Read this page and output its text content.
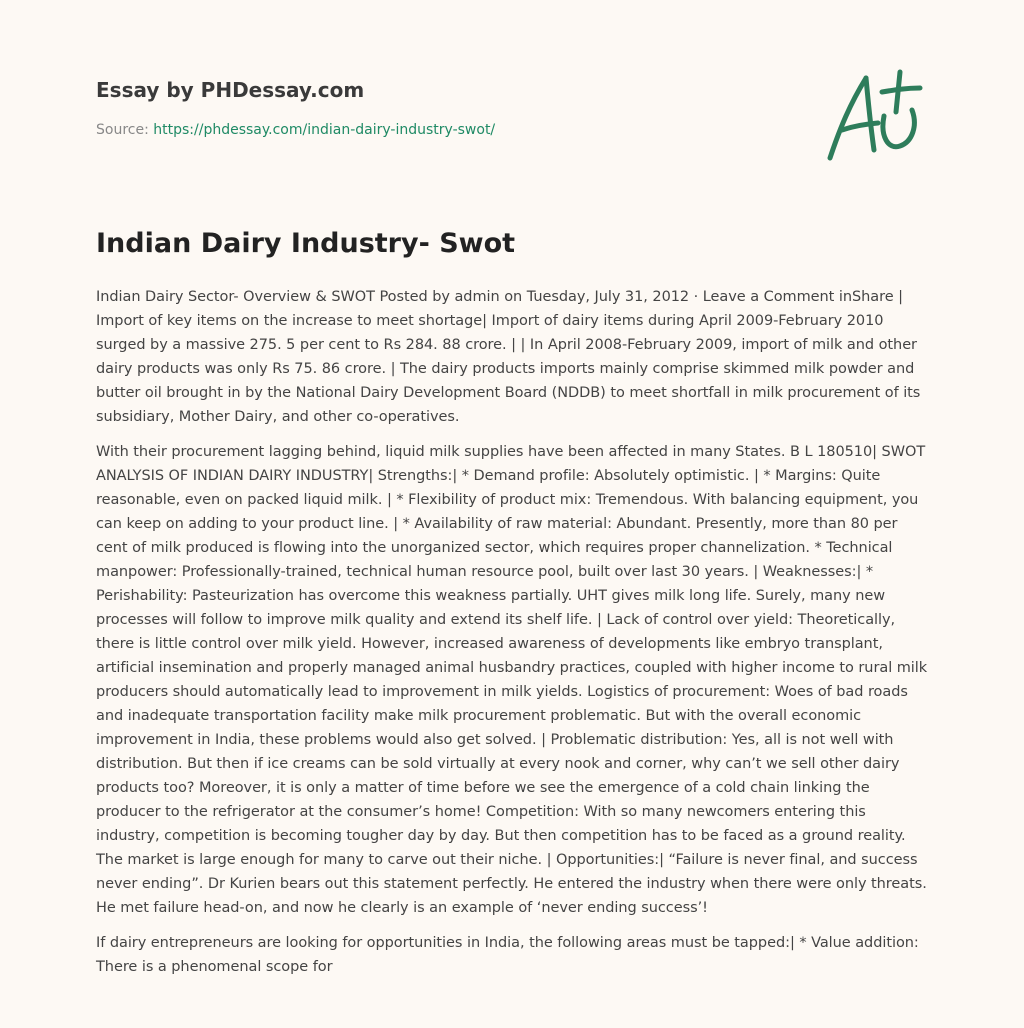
Essay by PHDessay.com
Source: https://phdessay.com/indian-dairy-industry-swot/
Indian Dairy Industry- Swot

Indian Dairy Sector- Overview & SWOT Posted by admin on Tuesday, July 31, 2012 · Leave a Comment inShare | Import of key items on the increase to meet shortage| Import of dairy items during April 2009-February 2010 surged by a massive 275. 5 per cent to Rs 284. 88 crore. | | In April 2008-February 2009, import of milk and other dairy products was only Rs 75. 86 crore. | The dairy products imports mainly comprise skimmed milk powder and butter oil brought in by the National Dairy Development Board (NDDB) to meet shortfall in milk procurement of its subsidiary, Mother Dairy, and other co-operatives.

With their procurement lagging behind, liquid milk supplies have been affected in many States. B L 180510| SWOT ANALYSIS OF INDIAN DAIRY INDUSTRY| Strengths:| * Demand profile: Absolutely optimistic. | * Margins: Quite reasonable, even on packed liquid milk. | * Flexibility of product mix: Tremendous. With balancing equipment, you can keep on adding to your product line. | * Availability of raw material: Abundant. Presently, more than 80 per cent of milk produced is flowing into the unorganized sector, which requires proper channelization. * Technical manpower: Professionally-trained, technical human resource pool, built over last 30 years. | Weaknesses:| * Perishability: Pasteurization has overcome this weakness partially. UHT gives milk long life. Surely, many new processes will follow to improve milk quality and extend its shelf life. | Lack of control over yield: Theoretically, there is little control over milk yield. However, increased awareness of developments like embryo transplant, artificial insemination and properly managed animal husbandry practices, coupled with higher income to rural milk producers should automatically lead to improvement in milk yields. Logistics of procurement: Woes of bad roads and inadequate transportation facility make milk procurement problematic. But with the overall economic improvement in India, these problems would also get solved. | Problematic distribution: Yes, all is not well with distribution. But then if ice creams can be sold virtually at every nook and corner, why can’t we sell other dairy products too? Moreover, it is only a matter of time before we see the emergence of a cold chain linking the producer to the refrigerator at the consumer’s home! Competition: With so many newcomers entering this industry, competition is becoming tougher day by day. But then competition has to be faced as a ground reality. The market is large enough for many to carve out their niche. | Opportunities:| “Failure is never final, and success never ending”. Dr Kurien bears out this statement perfectly. He entered the industry when there were only threats. He met failure head-on, and now he clearly is an example of ‘never ending success’!

If dairy entrepreneurs are looking for opportunities in India, the following areas must be tapped:| * Value addition: There is a phenomenal scope for
